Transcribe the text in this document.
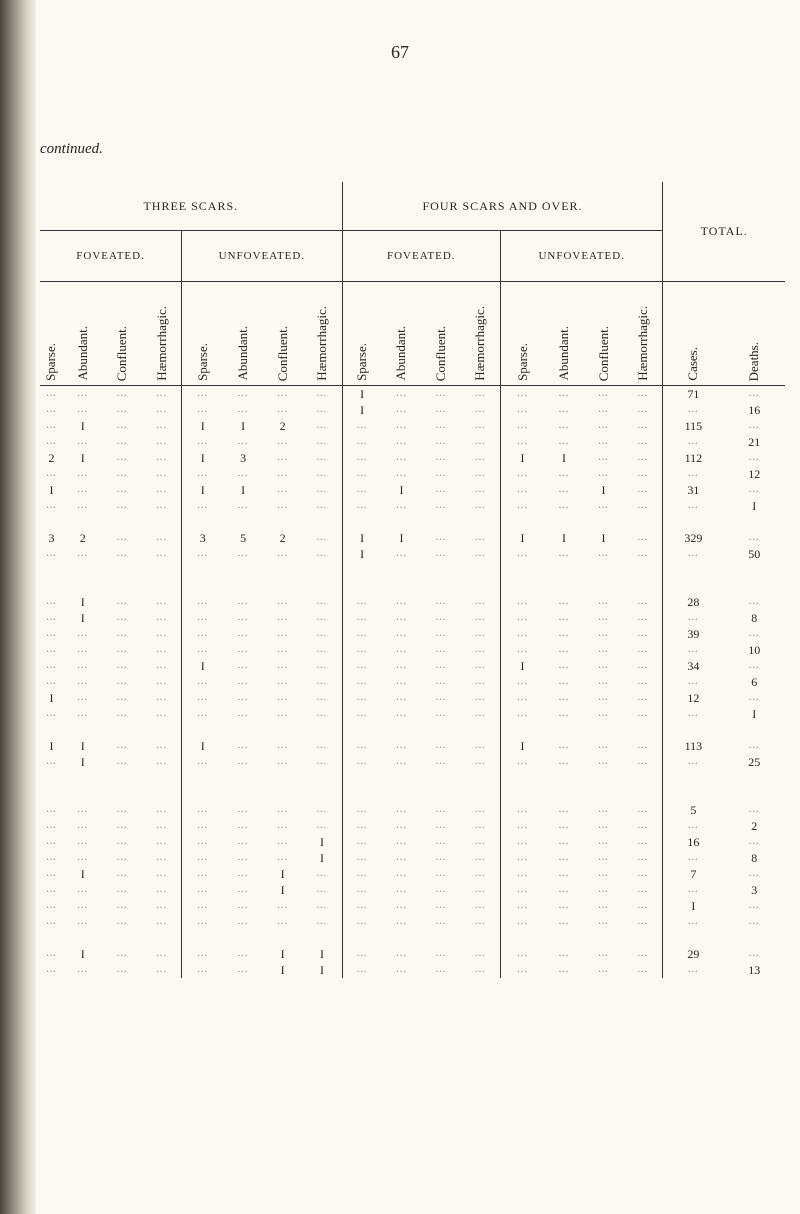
67
continued.
THREE SCARS.								FOUR SCARS AND OVER.								TOTAL.	
FOVEATED.				UNFOVEATED.				FOVEATED.				UNFOVEATED.					
Sparse.	Abundant.	Confluent.	Hæmorrhagic.	Sparse.	Abundant.	Confluent.	Hæmorrhagic.	Sparse.	Abundant.	Confluent.	Hæmorrhagic.	Sparse.	Abundant.	Confluent.	Hæmorrhagic.	Cases.	Deaths.
...	...	...	...	...	...	...	...	I	...	...	...	...	...	...	...	71	...
...	...	...	...	...	...	...	...	I	...	...	...	...	...	...	...	...	16
...	I	...	...	I	I	2	...	...	...	...	...	...	...	...	...	115	...
...	...	...	...	...	...	...	...	...	...	...	...	...	...	...	...	...	21
2	I	...	...	I	3	...	...	...	...	...	...	I	I	...	...	112	...
...	...	...	...	...	...	...	...	...	...	...	...	...	...	...	...	...	12
I	...	...	...	I	I	...	...	...	I	...	...	...	...	I	...	31	...
...	...	...	...	...	...	...	...	...	...	...	...	...	...	...	...	...	I

3	2	...	...	3	5	2	...	I	I	...	...	I	I	I	...	329	...
...	...	...	...	...	...	...	...	I	...	...	...	...	...	...	...	...	50

...	I	...	...	...	...	...	...	...	...	...	...	...	...	...	...	28	...
...	I	...	...	...	...	...	...	...	...	...	...	...	...	...	...	...	8
...	...	...	...	...	...	...	...	...	...	...	...	...	...	...	...	39	...
...	...	...	...	...	...	...	...	...	...	...	...	...	...	...	...	...	10
...	...	...	...	I	...	...	...	...	...	...	...	I	...	...	...	34	...
...	...	...	...	...	...	...	...	...	...	...	...	...	...	...	...	...	6
I	...	...	...	...	...	...	...	...	...	...	...	...	...	...	...	12	...
...	...	...	...	...	...	...	...	...	...	...	...	...	...	...	...	...	I

I	I	...	...	I	...	...	...	...	...	...	...	I	...	...	...	113	...
...	I	...	...	...	...	...	...	...	...	...	...	...	...	...	...	...	25

...	...	...	...	...	...	...	...	...	...	...	...	...	...	...	...	5	...
...	...	...	...	...	...	...	...	...	...	...	...	...	...	...	...	...	2
...	...	...	...	...	...	...	I	...	...	...	...	...	...	...	...	16	...
...	...	...	...	...	...	...	I	...	...	...	...	...	...	...	...	...	8
...	I	...	...	...	...	I	...	...	...	...	...	...	...	...	...	7	...
...	...	...	...	...	...	I	...	...	...	...	...	...	...	...	...	...	3
...	...	...	...	...	...	...	...	...	...	...	...	...	...	...	...	I	...
...	...	...	...	...	...	...	...	...	...	...	...	...	...	...	...	...	...

...	I	...	...	...	...	I	I	...	...	...	...	...	...	...	...	29	...
...	...	...	...	...	...	I	I	...	...	...	...	...	...	...	...	...	13
